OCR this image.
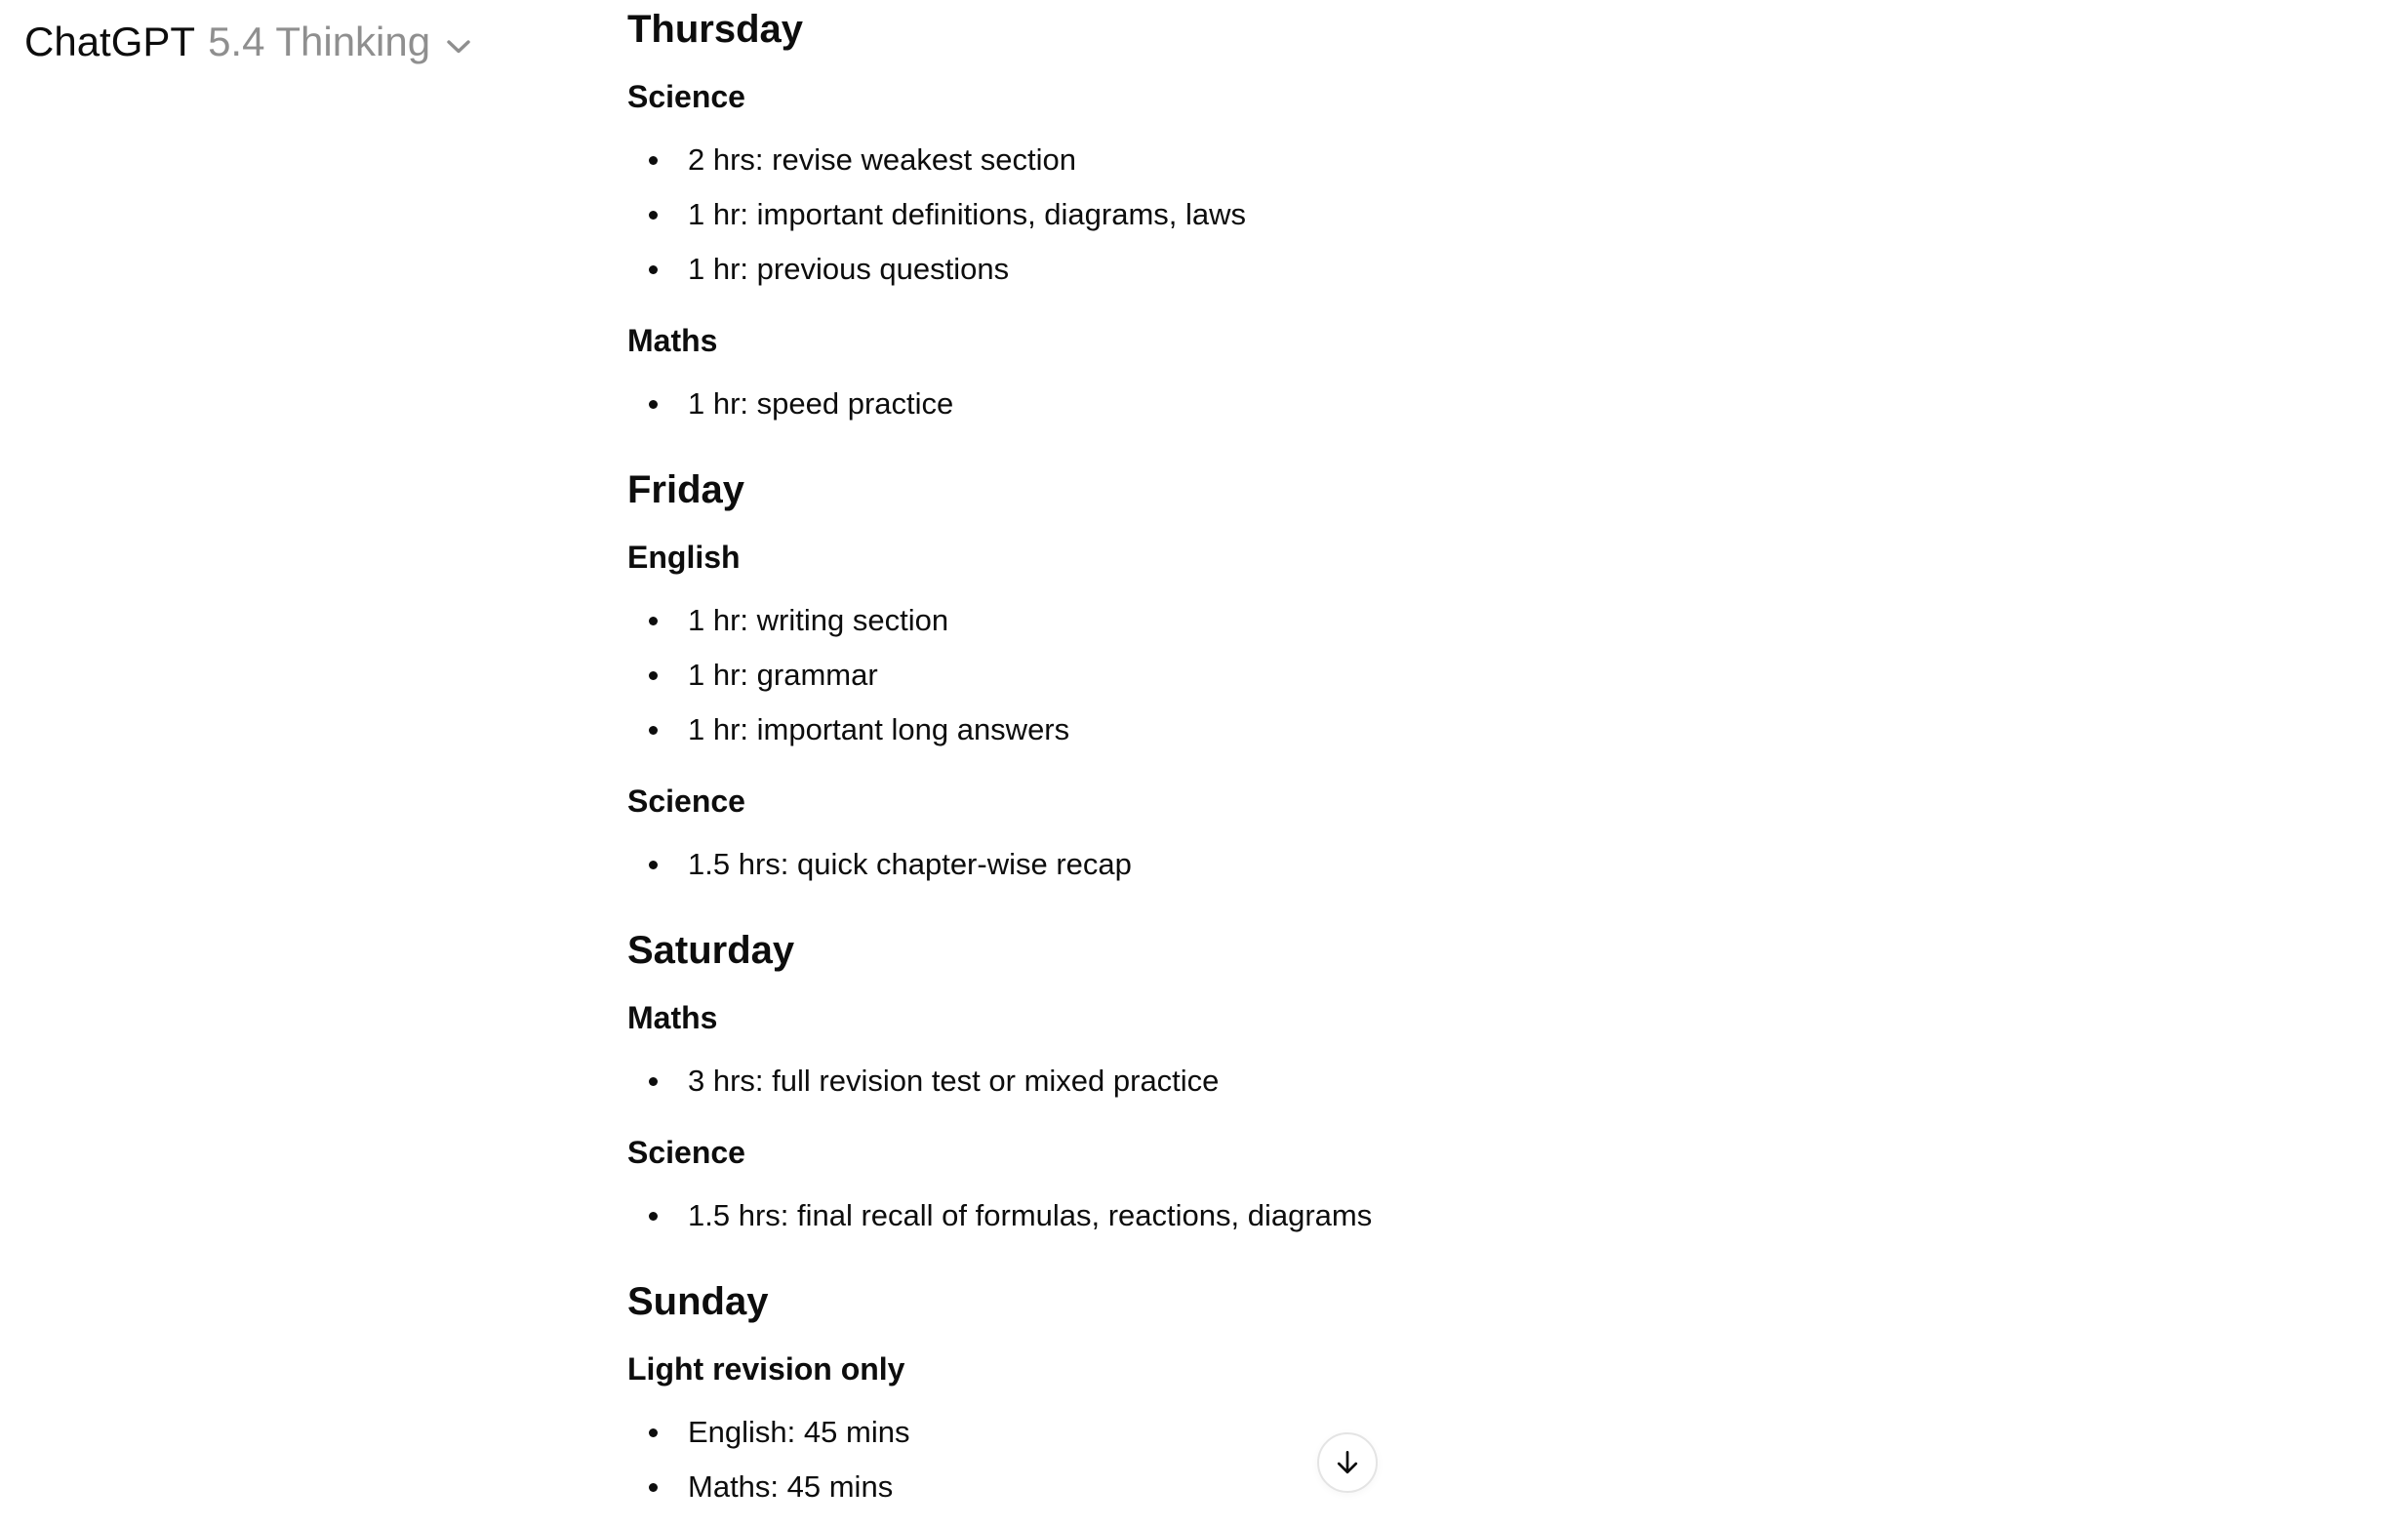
ChatGPT 5.4 Thinking	Thursday
Science
2 hrs: revise weakest section
1 hr: important definitions, diagrams, laws
1 hr: previous questions
Maths
1 hr: speed practice
Friday
English
1 hr: writing section
1 hr: grammar
1 hr: important long answers
Science
1.5 hrs: quick chapter-wise recap
Saturday
Maths
3 hrs: full revision test or mixed practice
Science
1.5 hrs: final recall of formulas, reactions, diagrams
Sunday
Light revision only
English: 45 mins
Maths: 45 mins
